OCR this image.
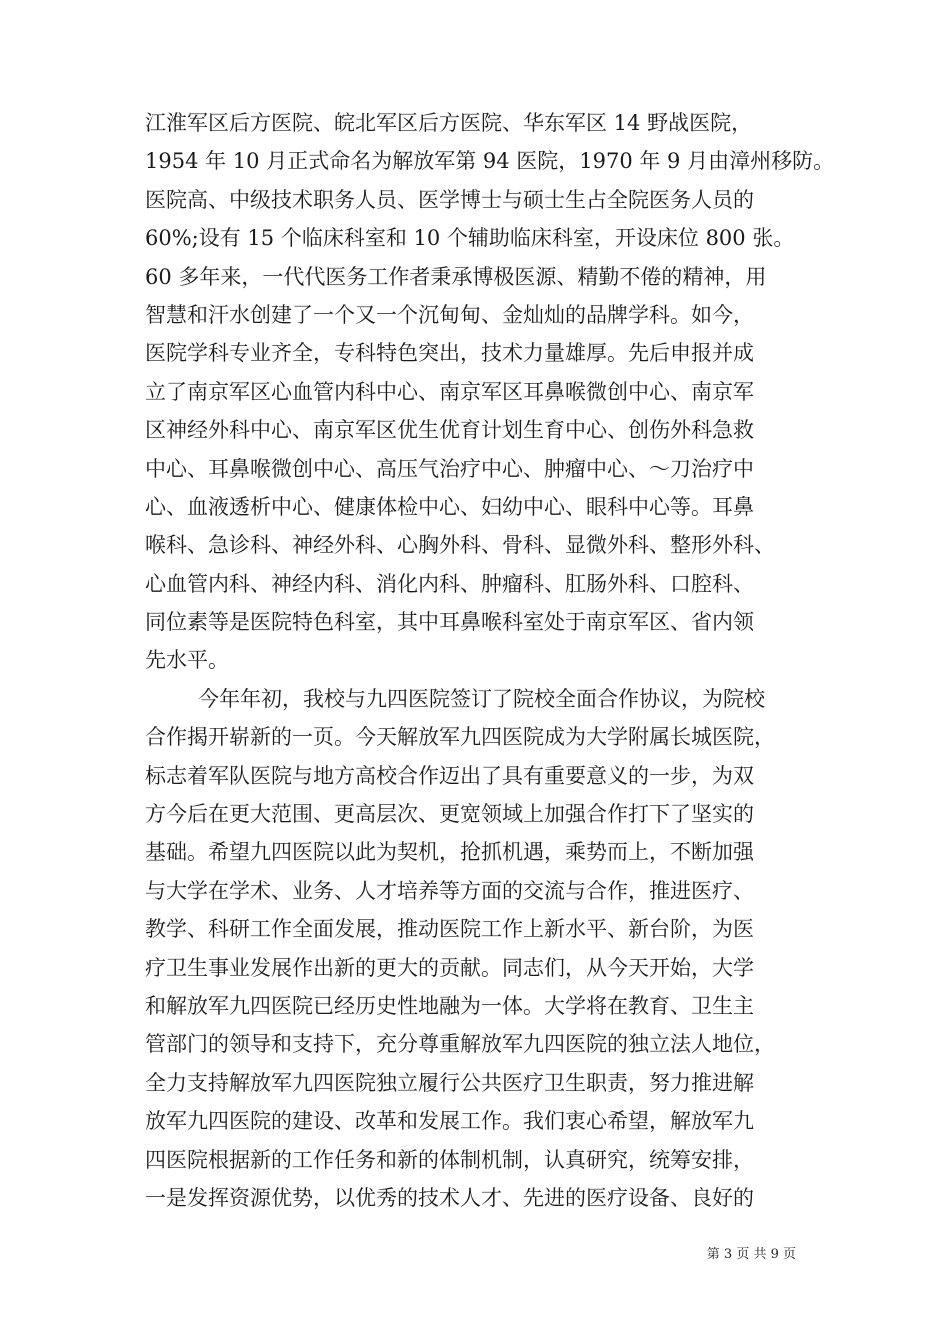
江淮军区后方医院、皖北军区后方医院、华东军区 14 野战医院，
1954 年 10 月正式命名为解放军第 94 医院，1970 年 9 月由漳州移防。
医院高、中级技术职务人员、医学博士与硕士生占全院医务人员的
60%;设有 15 个临床科室和 10 个辅助临床科室，开设床位 800 张。
60 多年来，一代代医务工作者秉承博极医源、精勤不倦的精神，用
智慧和汗水创建了一个又一个沉甸甸、金灿灿的品牌学科。如今，
医院学科专业齐全，专科特色突出，技术力量雄厚。先后申报并成
立了南京军区心血管内科中心、南京军区耳鼻喉微创中心、南京军
区神经外科中心、南京军区优生优育计划生育中心、创伤外科急救
中心、耳鼻喉微创中心、高压气治疗中心、肿瘤中心、～刀治疗中
心、血液透析中心、健康体检中心、妇幼中心、眼科中心等。耳鼻
喉科、急诊科、神经外科、心胸外科、骨科、显微外科、整形外科、
心血管内科、神经内科、消化内科、肿瘤科、肛肠外科、口腔科、
同位素等是医院特色科室，其中耳鼻喉科室处于南京军区、省内领
先水平。
今年年初，我校与九四医院签订了院校全面合作协议，为院校
合作揭开崭新的一页。今天解放军九四医院成为大学附属长城医院，
标志着军队医院与地方高校合作迈出了具有重要意义的一步，为双
方今后在更大范围、更高层次、更宽领域上加强合作打下了坚实的
基础。希望九四医院以此为契机，抢抓机遇，乘势而上，不断加强
与大学在学术、业务、人才培养等方面的交流与合作，推进医疗、
教学、科研工作全面发展，推动医院工作上新水平、新台阶，为医
疗卫生事业发展作出新的更大的贡献。同志们，从今天开始，大学
和解放军九四医院已经历史性地融为一体。大学将在教育、卫生主
管部门的领导和支持下，充分尊重解放军九四医院的独立法人地位，
全力支持解放军九四医院独立履行公共医疗卫生职责，努力推进解
放军九四医院的建设、改革和发展工作。我们衷心希望，解放军九
四医院根据新的工作任务和新的体制机制，认真研究，统筹安排，
一是发挥资源优势，以优秀的技术人才、先进的医疗设备、良好的
第 3 页 共 9 页
